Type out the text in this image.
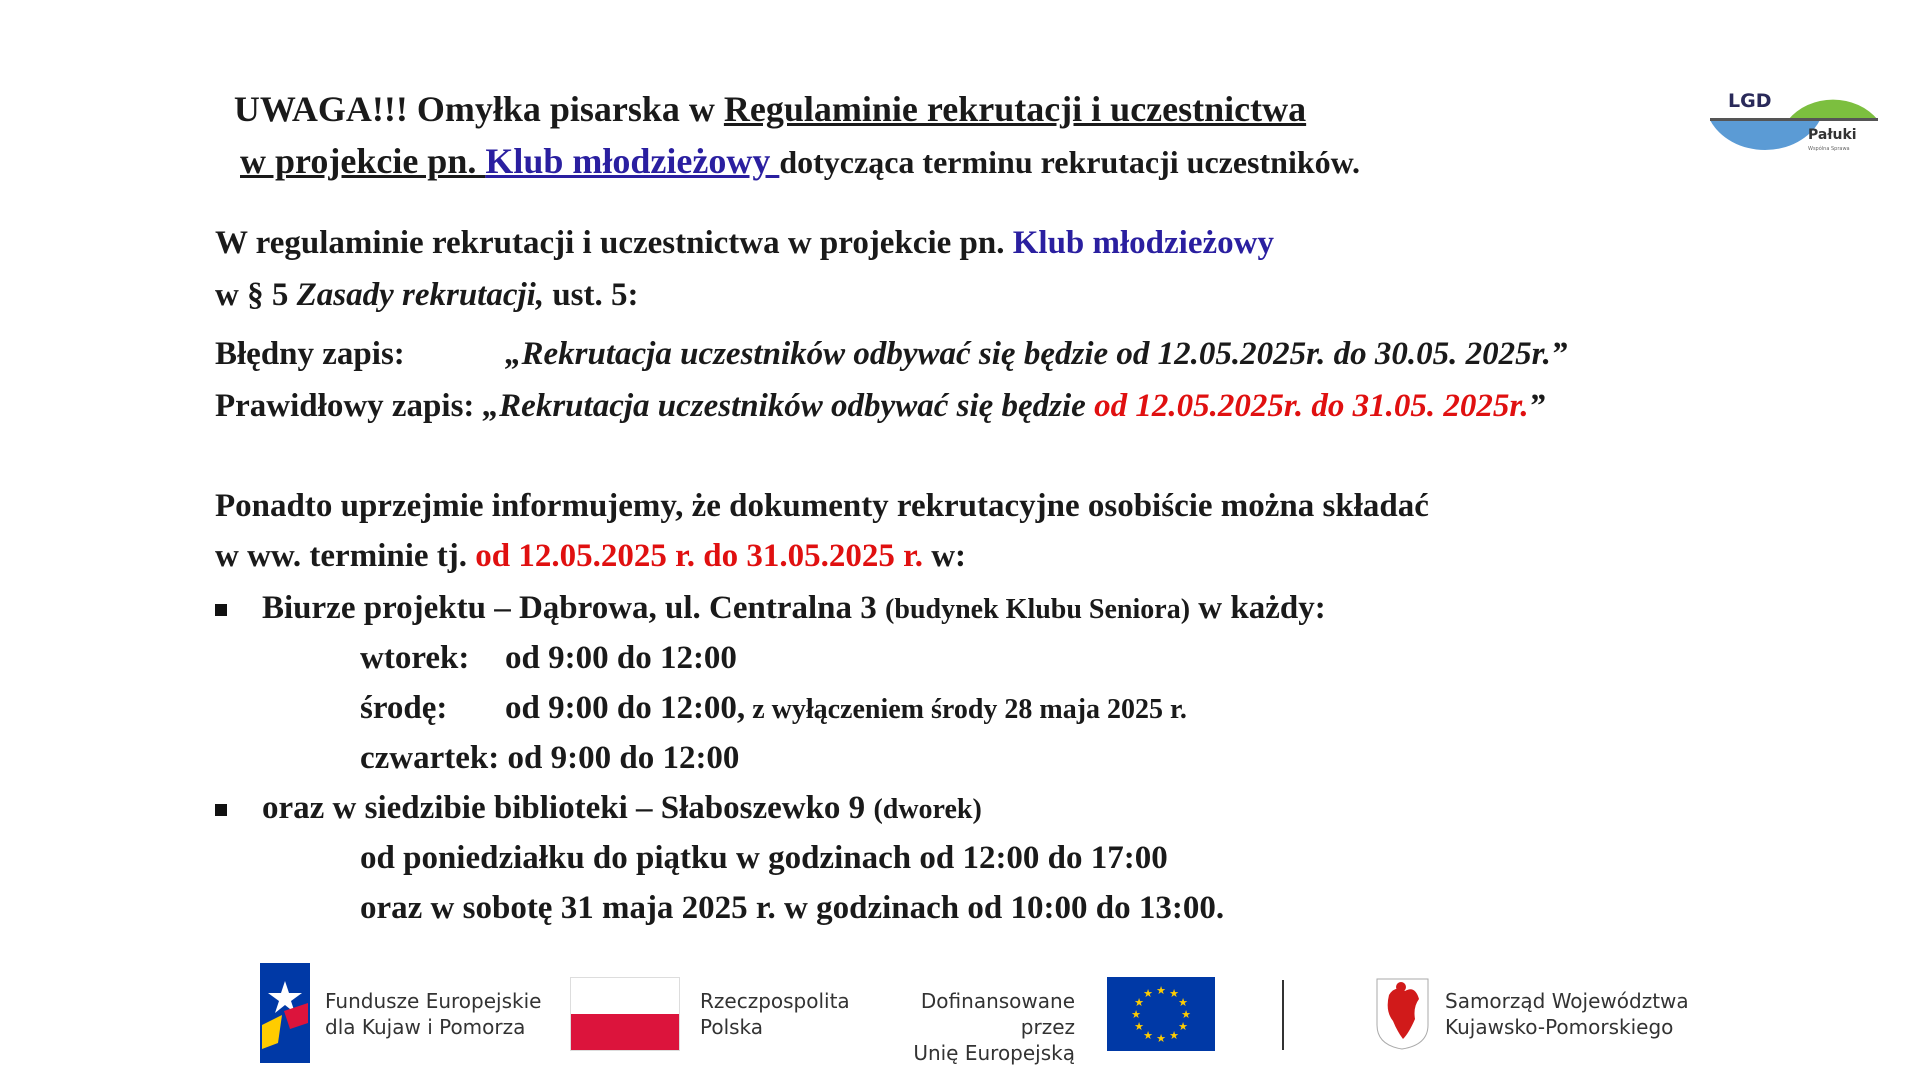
UWAGA!!! Omyłka pisarska w Regulaminie rekrutacji i uczestnictwa
w projekcie pn. Klub młodzieżowy dotycząca terminu rekrutacji uczestników.
LGD
Pałuki
Wspólna Sprawa
W regulaminie rekrutacji i uczestnictwa w projekcie pn. Klub młodzieżowy
w § 5 Zasady rekrutacji, ust. 5:
Błędny zapis:	„Rekrutacja uczestników odbywać się będzie od 12.05.2025r. do 30.05. 2025r.”
Prawidłowy zapis: „Rekrutacja uczestników odbywać się będzie od 12.05.2025r. do 31.05. 2025r.”
Ponadto uprzejmie informujemy, że dokumenty rekrutacyjne osobiście można składać
w ww. terminie tj. od 12.05.2025 r. do 31.05.2025 r. w:
Biurze projektu – Dąbrowa, ul. Centralna 3 (budynek Klubu Seniora) w każdy:
wtorek: od 9:00 do 12:00
środę: od 9:00 do 12:00, z wyłączeniem środy 28 maja 2025 r.
czwartek: od 9:00 do 12:00
oraz w siedzibie biblioteki – Słaboszewko 9 (dworek)
od poniedziałku do piątku w godzinach od 12:00 do 17:00
oraz w sobotę 31 maja 2025 r. w godzinach od 10:00 do 13:00.
Fundusze Europejskie
dla Kujaw i Pomorza
Rzeczpospolita
Polska
Dofinansowane przez
Unię Europejską
★ ★
★
★
★
★
★
★
★
★
★
★	Samorząd Województwa
Kujawsko-Pomorskiego
